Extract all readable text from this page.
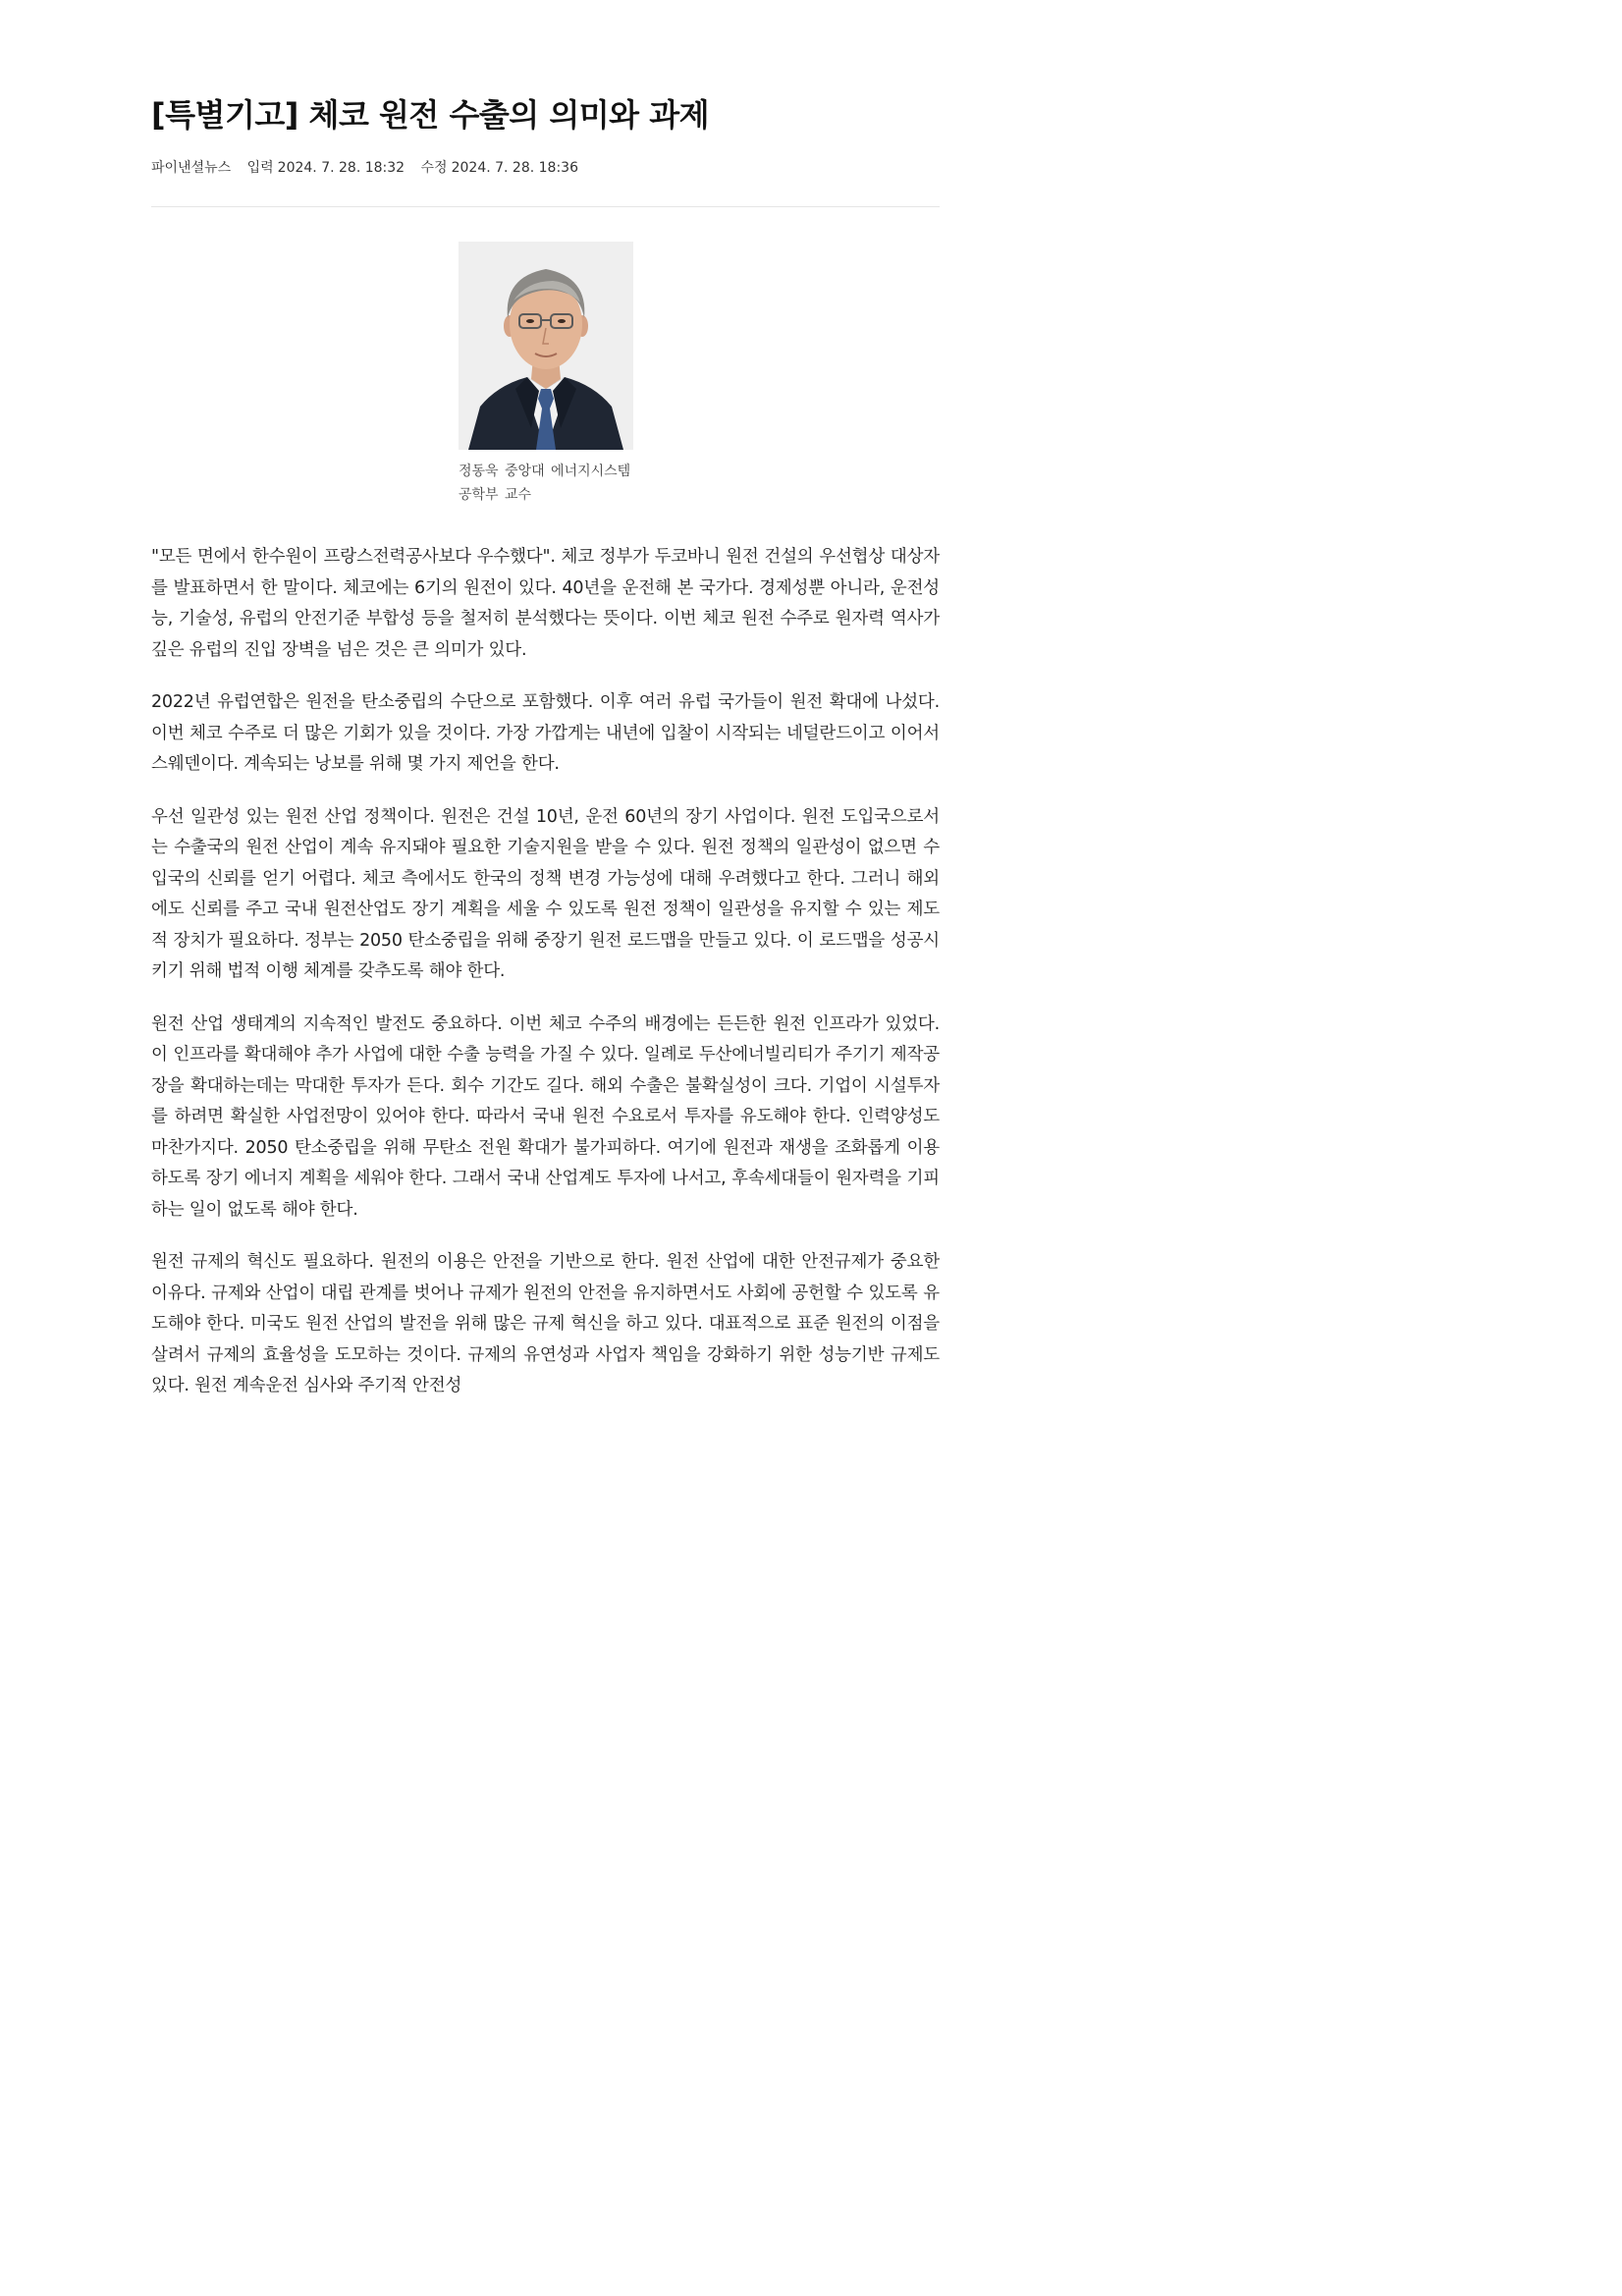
[특별기고] 체코 원전 수출의 의미와 과제
파이낸셜뉴스 입력 2024. 7. 28. 18:32 수정 2024. 7. 28. 18:36
정동욱 중앙대 에너지시스템공학부 교수

"모든 면에서 한수원이 프랑스전력공사보다 우수했다". 체코 정부가 두코바니 원전 건설의 우선협상 대상자를 발표하면서 한 말이다. 체코에는 6기의 원전이 있다. 40년을 운전해 본 국가다. 경제성뿐 아니라, 운전성능, 기술성, 유럽의 안전기준 부합성 등을 철저히 분석했다는 뜻이다. 이번 체코 원전 수주로 원자력 역사가 깊은 유럽의 진입 장벽을 넘은 것은 큰 의미가 있다.

2022년 유럽연합은 원전을 탄소중립의 수단으로 포함했다. 이후 여러 유럽 국가들이 원전 확대에 나섰다. 이번 체코 수주로 더 많은 기회가 있을 것이다. 가장 가깝게는 내년에 입찰이 시작되는 네덜란드이고 이어서 스웨덴이다. 계속되는 낭보를 위해 몇 가지 제언을 한다.

우선 일관성 있는 원전 산업 정책이다. 원전은 건설 10년, 운전 60년의 장기 사업이다. 원전 도입국으로서는 수출국의 원전 산업이 계속 유지돼야 필요한 기술지원을 받을 수 있다. 원전 정책의 일관성이 없으면 수입국의 신뢰를 얻기 어렵다. 체코 측에서도 한국의 정책 변경 가능성에 대해 우려했다고 한다. 그러니 해외에도 신뢰를 주고 국내 원전산업도 장기 계획을 세울 수 있도록 원전 정책이 일관성을 유지할 수 있는 제도적 장치가 필요하다. 정부는 2050 탄소중립을 위해 중장기 원전 로드맵을 만들고 있다. 이 로드맵을 성공시키기 위해 법적 이행 체계를 갖추도록 해야 한다.

원전 산업 생태계의 지속적인 발전도 중요하다. 이번 체코 수주의 배경에는 든든한 원전 인프라가 있었다. 이 인프라를 확대해야 추가 사업에 대한 수출 능력을 가질 수 있다. 일례로 두산에너빌리티가 주기기 제작공장을 확대하는데는 막대한 투자가 든다. 회수 기간도 길다. 해외 수출은 불확실성이 크다. 기업이 시설투자를 하려면 확실한 사업전망이 있어야 한다. 따라서 국내 원전 수요로서 투자를 유도해야 한다. 인력양성도 마찬가지다. 2050 탄소중립을 위해 무탄소 전원 확대가 불가피하다. 여기에 원전과 재생을 조화롭게 이용하도록 장기 에너지 계획을 세워야 한다. 그래서 국내 산업계도 투자에 나서고, 후속세대들이 원자력을 기피하는 일이 없도록 해야 한다.

원전 규제의 혁신도 필요하다. 원전의 이용은 안전을 기반으로 한다. 원전 산업에 대한 안전규제가 중요한 이유다. 규제와 산업이 대립 관계를 벗어나 규제가 원전의 안전을 유지하면서도 사회에 공헌할 수 있도록 유도해야 한다. 미국도 원전 산업의 발전을 위해 많은 규제 혁신을 하고 있다. 대표적으로 표준 원전의 이점을 살려서 규제의 효율성을 도모하는 것이다. 규제의 유연성과 사업자 책임을 강화하기 위한 성능기반 규제도 있다. 원전 계속운전 심사와 주기적 안전성
